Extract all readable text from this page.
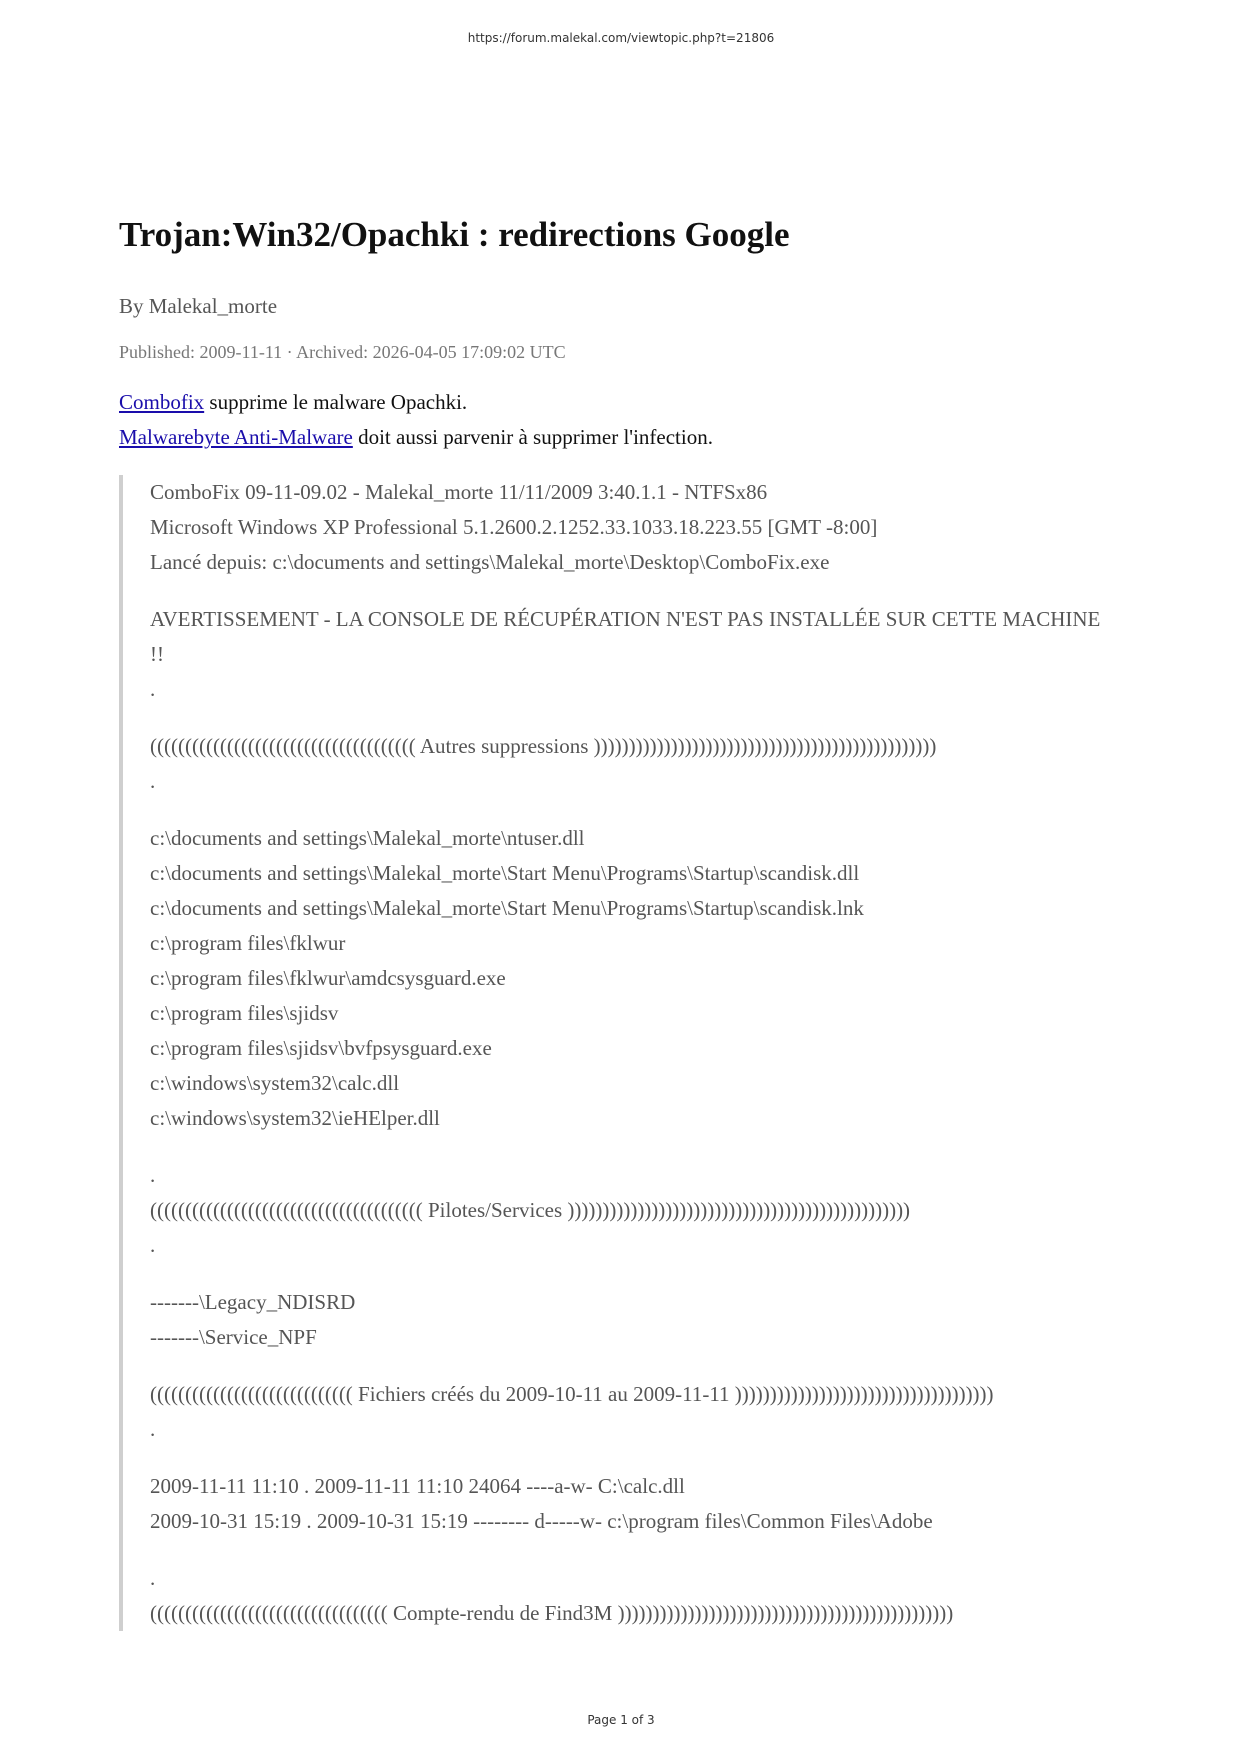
https://forum.malekal.com/viewtopic.php?t=21806
Trojan:Win32/Opachki : redirections Google
By Malekal_morte
Published: 2009-11-11 · Archived: 2026-04-05 17:09:02 UTC
Combofix supprime le malware Opachki.
Malwarebyte Anti-Malware doit aussi parvenir à supprimer l'infection.
ComboFix 09-11-09.02 - Malekal_morte 11/11/2009 3:40.1.1 - NTFSx86
Microsoft Windows XP Professional 5.1.2600.2.1252.33.1033.18.223.55 [GMT -8:00]
Lancé depuis: c:\documents and settings\Malekal_morte\Desktop\ComboFix.exe
AVERTISSEMENT - LA CONSOLE DE RÉCUPÉRATION N'EST PAS INSTALLÉE SUR CETTE MACHINE !!
.
(((((((((((((((((((((((((((((((((((((( Autres suppressions )))))))))))))))))))))))))))))))))))))))))))))))))
.
c:\documents and settings\Malekal_morte\ntuser.dll
c:\documents and settings\Malekal_morte\Start Menu\Programs\Startup\scandisk.dll
c:\documents and settings\Malekal_morte\Start Menu\Programs\Startup\scandisk.lnk
c:\program files\fklwur
c:\program files\fklwur\amdcsysguard.exe
c:\program files\sjidsv
c:\program files\sjidsv\bvfpsysguard.exe
c:\windows\system32\calc.dll
c:\windows\system32\ieHElper.dll
.
((((((((((((((((((((((((((((((((((((((( Pilotes/Services )))))))))))))))))))))))))))))))))))))))))))))))))
.
-------\Legacy_NDISRD
-------\Service_NPF
((((((((((((((((((((((((((((( Fichiers créés du 2009-10-11 au 2009-11-11 )))))))))))))))))))))))))))))))))))))
.
2009-11-11 11:10 . 2009-11-11 11:10 24064 ----a-w- C:\calc.dll
2009-10-31 15:19 . 2009-10-31 15:19 -------- d-----w- c:\program files\Common Files\Adobe
.
(((((((((((((((((((((((((((((((((( Compte-rendu de Find3M ))))))))))))))))))))))))))))))))))))))))))))))))
Page 1 of 3
